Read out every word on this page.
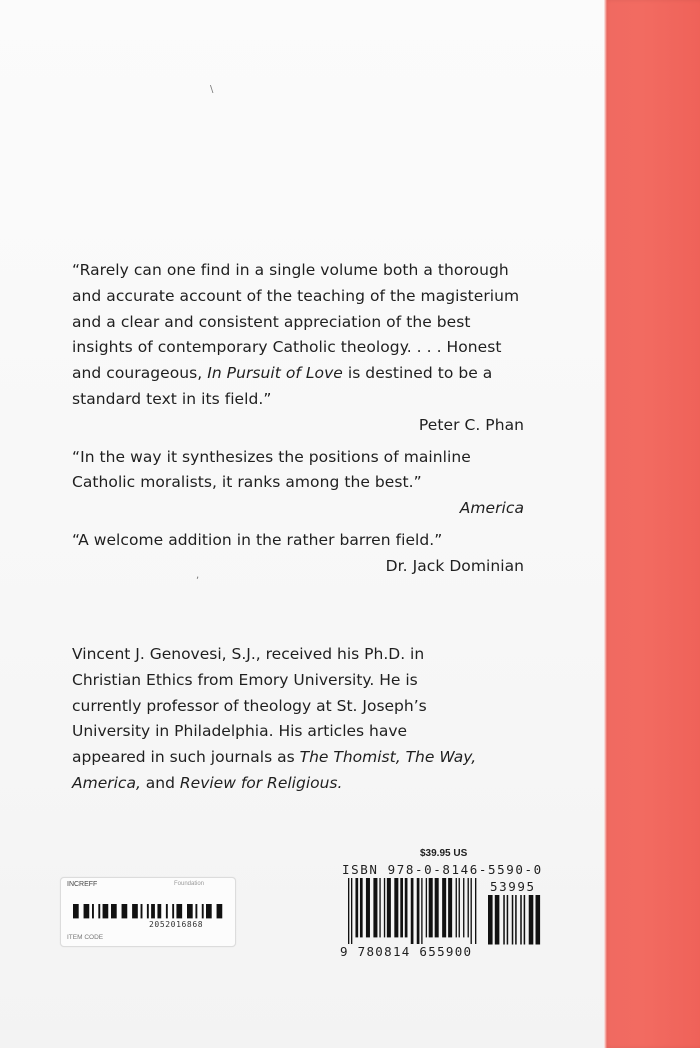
\
,
“Rarely can one find in a single volume both a thorough
and accurate account of the teaching of the magisterium
and a clear and consistent appreciation of the best
insights of contemporary Catholic theology. . . . Honest
and courageous, In Pursuit of Love is destined to be a
standard text in its field.”
Peter C. Phan
“In the way it synthesizes the positions of mainline
Catholic moralists, it ranks among the best.”
America
“A welcome addition in the rather barren field.”
Dr. Jack Dominian
Vincent J. Genovesi, S.J., received his Ph.D. in
Christian Ethics from Emory University. He is
currently professor of theology at St. Joseph’s
University in Philadelphia. His articles have
appeared in such journals as The Thomist, The Way,
America, and Review for Religious.
INCREFF	Foundation
2052016868
ITEM CODE
$39.95 US
ISBN 978-0-8146-5590-0
53995
9 780814 655900
